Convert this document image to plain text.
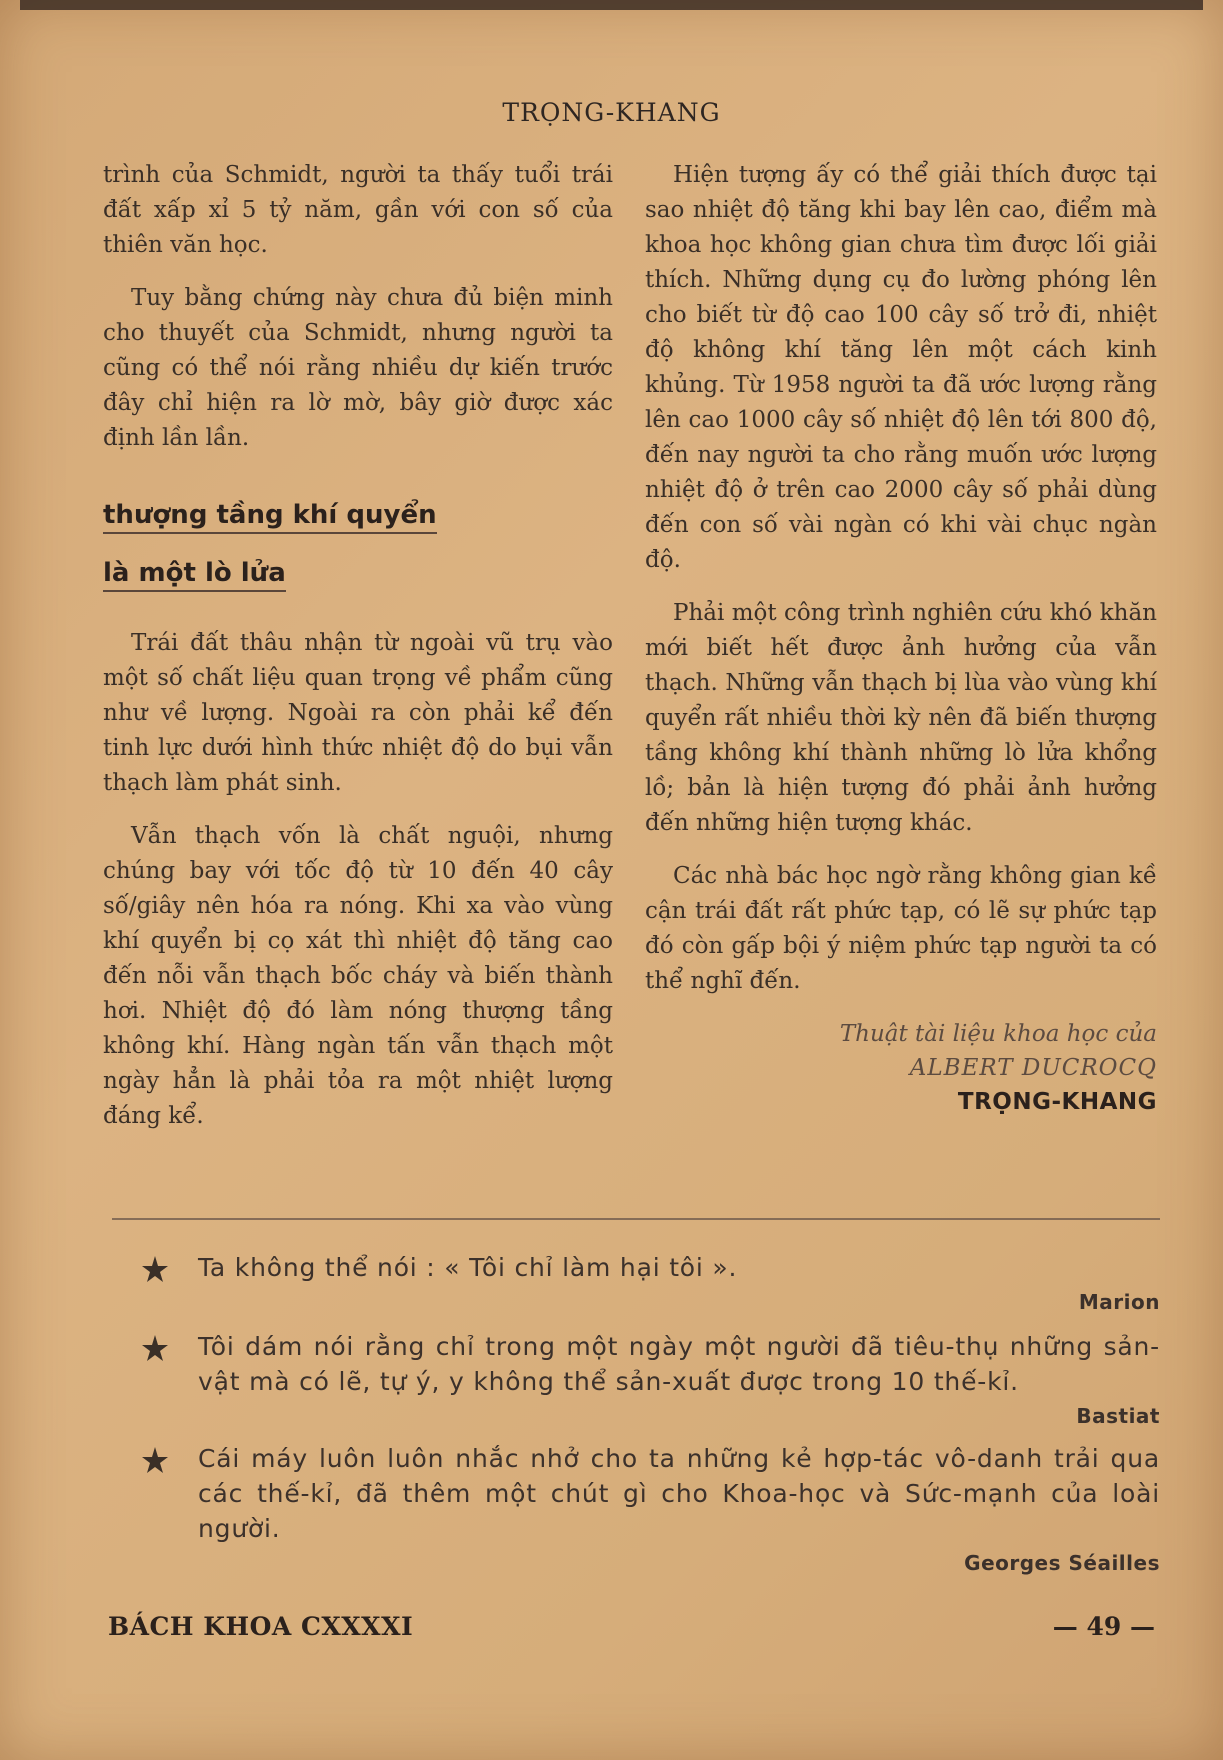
TRỌNG-KHANG

trình của Schmidt, người ta thấy tuổi trái đất xấp xỉ 5 tỷ năm, gần với con số của thiên văn học.

Tuy bằng chứng này chưa đủ biện minh cho thuyết của Schmidt, nhưng người ta cũng có thể nói rằng nhiều dự kiến trước đây chỉ hiện ra lờ mờ, bây giờ được xác định lần lần.

thượng tầng khí quyển
là một lò lửa

Trái đất thâu nhận từ ngoài vũ trụ vào một số chất liệu quan trọng về phẩm cũng như về lượng. Ngoài ra còn phải kể đến tinh lực dưới hình thức nhiệt độ do bụi vẫn thạch làm phát sinh.

Vẫn thạch vốn là chất nguội, nhưng chúng bay với tốc độ từ 10 đến 40 cây số/giây nên hóa ra nóng. Khi xa vào vùng khí quyển bị cọ xát thì nhiệt độ tăng cao đến nỗi vẫn thạch bốc cháy và biến thành hơi. Nhiệt độ đó làm nóng thượng tầng không khí. Hàng ngàn tấn vẫn thạch một ngày hẳn là phải tỏa ra một nhiệt lượng đáng kể.

Hiện tượng ấy có thể giải thích được tại sao nhiệt độ tăng khi bay lên cao, điểm mà khoa học không gian chưa tìm được lối giải thích. Những dụng cụ đo lường phóng lên cho biết từ độ cao 100 cây số trở đi, nhiệt độ không khí tăng lên một cách kinh khủng. Từ 1958 người ta đã ước lượng rằng lên cao 1000 cây số nhiệt độ lên tới 800 độ, đến nay người ta cho rằng muốn ước lượng nhiệt độ ở trên cao 2000 cây số phải dùng đến con số vài ngàn có khi vài chục ngàn độ.

Phải một công trình nghiên cứu khó khăn mới biết hết được ảnh hưởng của vẫn thạch. Những vẫn thạch bị lùa vào vùng khí quyển rất nhiều thời kỳ nên đã biến thượng tầng không khí thành những lò lửa khổng lồ; bản là hiện tượng đó phải ảnh hưởng đến những hiện tượng khác.

Các nhà bác học ngờ rằng không gian kề cận trái đất rất phức tạp, có lẽ sự phức tạp đó còn gấp bội ý niệm phức tạp người ta có thể nghĩ đến.

Thuật tài liệu khoa học của
ALBERT DUCROCQ
TRỌNG-KHANG
Ta không thể nói : « Tôi chỉ làm hại tôi ».
Marion
Tôi dám nói rằng chỉ trong một ngày một người đã tiêu-thụ những sản-vật mà có lẽ, tự ý, y không thể sản-xuất được trong 10 thế-kỉ.
Bastiat
Cái máy luôn luôn nhắc nhở cho ta những kẻ hợp-tác vô-danh trải qua các thế-kỉ, đã thêm một chút gì cho Khoa-học và Sức-mạnh của loài người.
Georges Séailles
BÁCH KHOA CXXXXI	— 49 —
